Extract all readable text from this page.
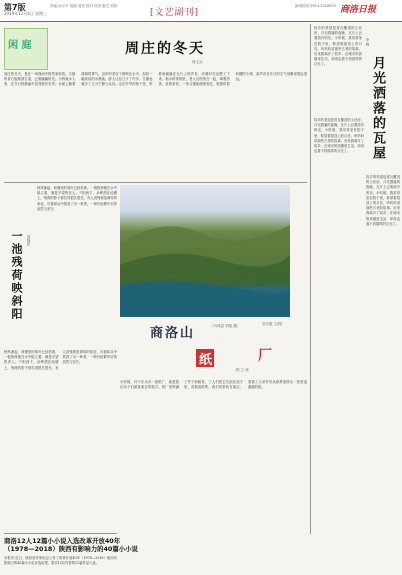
第7版
2019年12月4日 星期三
责编 孙小平 组版 周密 校对 杜萍 版式 邓欣
[文艺副刊]
新闻热线 0914-2318503 商洛日报
闲 庭	周庄的冬天
周文兵
周庄的冬天，是在一场细雨中悄然来临的。古镇的青石板路被打湿，泛着幽幽的光。小桥流水人家，在冬日的静谧中显得格外安详。水面上飘着薄薄的雾气，沿岸的老房子倒映在水中，如同一幅淡淡的水墨画。游人比往日少了许多，古镇也就多了几分宁静与从容。走在窄窄的巷子里，听着雨滴落在瓦片上的声音，仿佛时光也慢了下来。临水的茶馆里，老人们围坐在一起，喝着热茶，说着家常。一条乌篷船缓缓划过，船娘哼着软糯的小调，那声音在冬日的空气里飘得很远很远。
故乡的老屋是青瓦覆顶的土坯房，月光洒落的夜晚，瓦片上泛着清冷的光。小时候，我常常坐在院子里，仰望着屋顶上的月亮，听奶奶讲那些古老的故事。后来我离开了故乡，在城市的高楼里生活，却再也看不到那样的月光了。	月光洒落的瓦屋
李 峰
故乡的老屋是青瓦覆顶的土坯房，月光洒落的夜晚，瓦片上泛着清冷的光。小时候，我常常坐在院子里，仰望着屋顶上的月亮，听奶奶讲那些古老的故事。后来我离开了故乡，在城市的高楼里生活，却再也看不到那样的月光了。
故乡的老屋是青瓦覆顶的土坯房，月光洒落的夜晚，瓦片上泛着清冷的光。小时候，我常常坐在院子里，仰望着屋顶上的月亮，听奶奶讲那些古老的故事。后来我离开了故乡，在城市的高楼里生活，却再也看不到那样的月光了。
一池残荷映斜阳 刘锦星
秋风渐起，荷塘里的荷叶已经枯黄，一根根荷梗在水中挺立着，像是守望的老人。夕阳西下，余晖洒在池塘上，残荷的影子被拉得很长很长。有人说残荷是凋零的象征，可我却从中看到了另一种美，一种历经繁华后的淡然与坚守。
秋风渐起，荷塘里的荷叶已经枯黄，一根根荷梗在水中挺立着，像是守望的老人。夕阳西下，余晖洒在池塘上，残荷的影子被拉得很长很长。有人说残荷是凋零的象征，可我却从中看到了另一种美，一种历经繁华后的淡然与坚守。
商洛山	（丹凤县 刘斐 摄）	刘永霞 文/图
纸	厂
程 立 庚
小时候，村子东头有一座纸厂，那是我们孩子们最喜欢去的地方。纸厂里堆满了竹子和稻草，工人们把它们泡在池子里，再捣成纸浆。我们常常趴在池边，看着工人用竹帘从纸浆里捞出一张张湿漉漉的纸。
商洛12人12篇小小说入选改革开放40年（1978—2018）陕西有影响力的40篇小小说
本报讯 近日，陕西省作家协会公布了改革开放40年（1978—2018）陕西有影响力的40篇小小说评选结果，我市12位作者的12篇作品入选。
